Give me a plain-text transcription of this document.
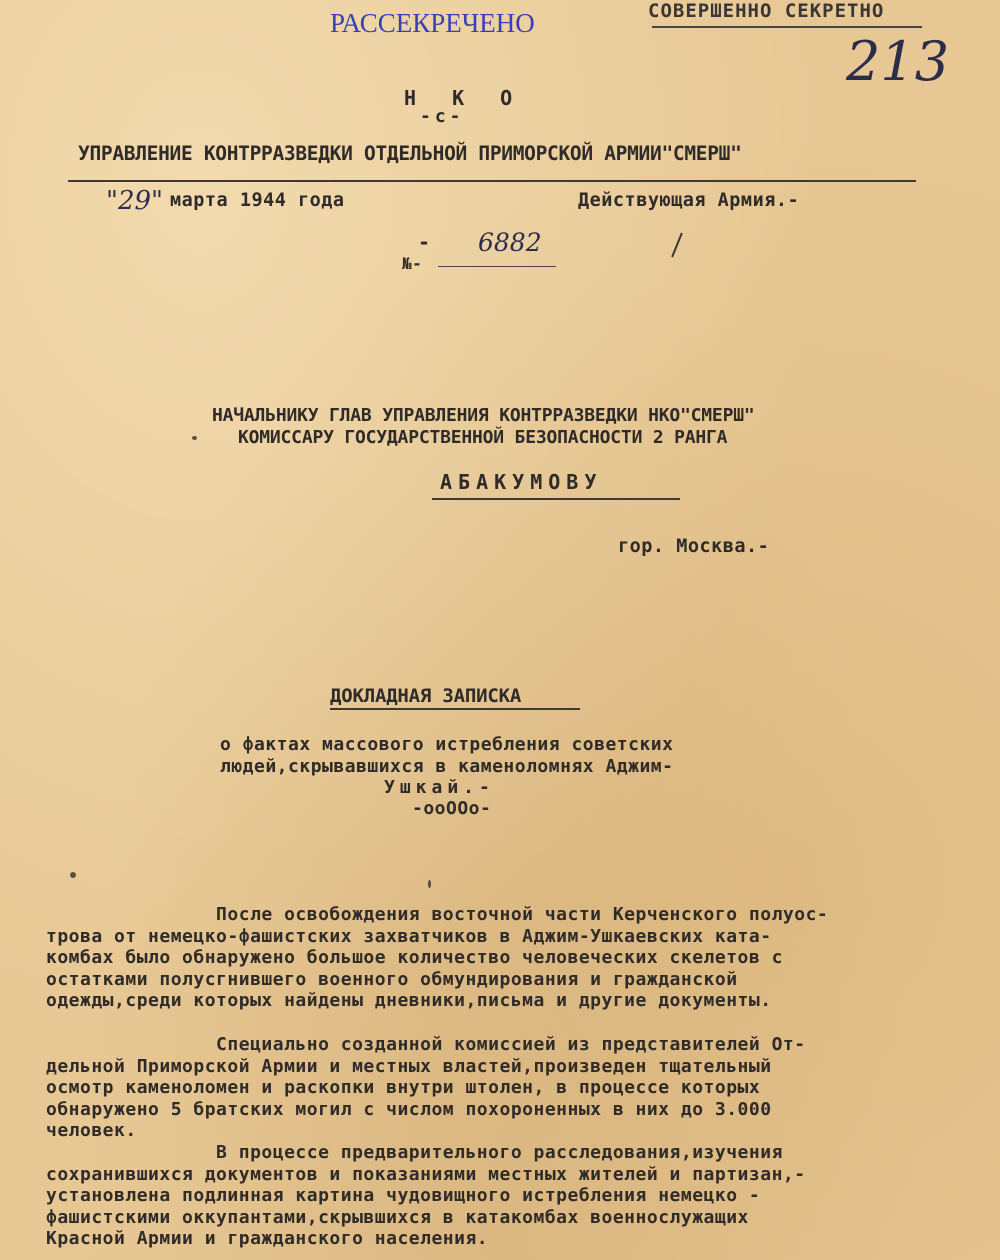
РАССЕКРЕЧЕНО	СОВЕРШЕННО СЕКРЕТНО
213
Н К О
-с-
УПРАВЛЕНИЕ КОНТРРАЗВЕДКИ ОТДЕЛЬНОЙ ПРИМОРСКОЙ АРМИИ"СМЕРШ"
"29" марта 1944 года	Действующая Армия.-
- 6882
№-
НАЧАЛЬНИКУ ГЛАВ УПРАВЛЕНИЯ КОНТРРАЗВЕДКИ НКО"СМЕРШ"
КОМИССАРУ ГОСУДАРСТВЕННОЙ БЕЗОПАСНОСТИ 2 РАНГА
АБАКУМОВУ
гор. Москва.-
ДОКЛАДНАЯ ЗАПИСКА
о фактах массового истребления советских
людей,скрывавшихся в каменоломнях Аджим-
Ушкай.-
-ооООо-
После освобождения восточной части Керченского полуос-
трова от немецко-фашистских захватчиков в Аджим-Ушкаевских ката-
комбах было обнаружено большое количество человеческих скелетов с
остатками полусгнившего военного обмундирования и гражданской
одежды,среди которых найдены дневники,письма и другие документы.
Специально созданной комиссией из представителей От-
дельной Приморской Армии и местных властей,произведен тщательный
осмотр каменоломен и раскопки внутри штолен, в процессе которых
обнаружено 5 братских могил с числом похороненных в них до 3.000
человек.
В процессе предварительного расследования,изучения
сохранившихся документов и показаниями местных жителей и партизан,-
установлена подлинная картина чудовищного истребления немецко -
фашистскими оккупантами,скрывшихся в катакомбах военнослужащих
Красной Армии и гражданского населения.
